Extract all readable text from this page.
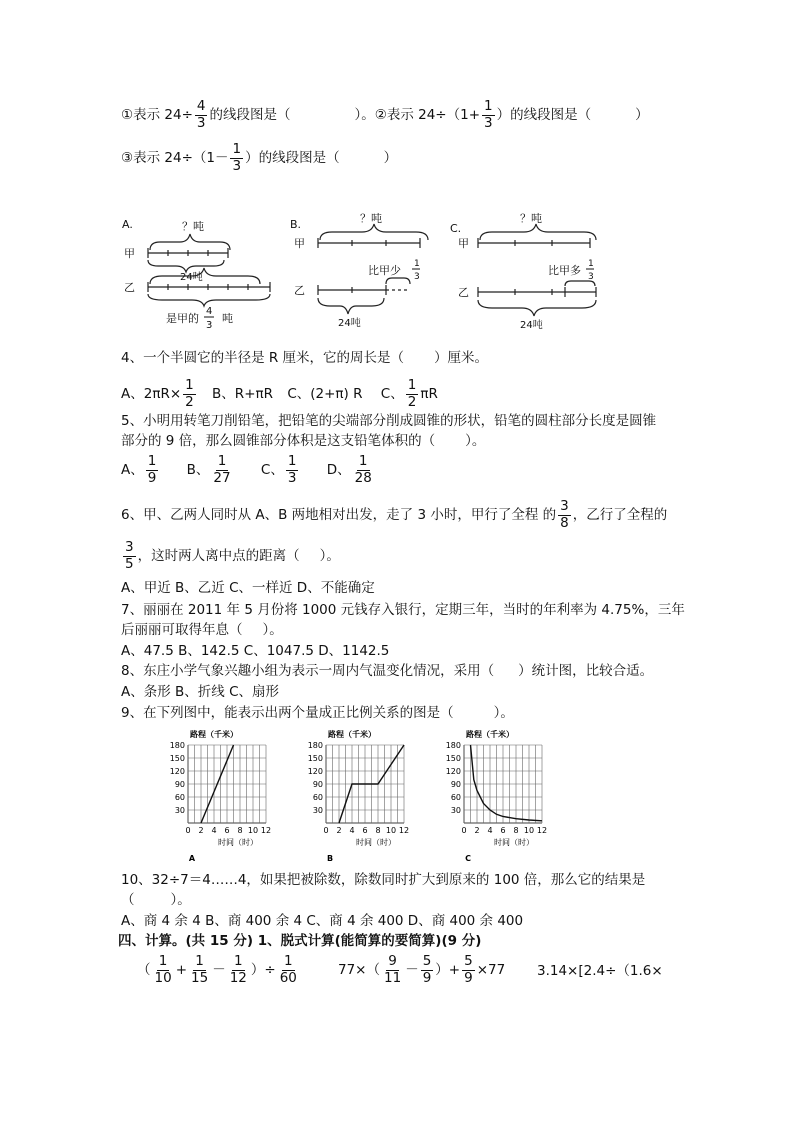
①表示 $24\div \frac{4}{3}$ 的线段图是（	）。②表示 $24\div(1+ \frac{1}{3}$ ）的线段图是（	）
③表示 $24\div(1- \frac{1}{3}$ ）的线段图是（	）
A.	？吨
甲
24吨
乙
是甲的
4
3
吨
B.	？吨
甲
乙
比甲少 1
3
24吨
C.
？吨
甲
乙
比甲多 1
3
24吨
4、一个半圆它的半径是 R 厘米，它的周长是（ ）厘米。
A、$2\pi R\times \frac{1}{2}$ B、R+πR C、(2+π) R C、 $\frac{1}{2}$ πR
5、小明用转笔刀削铅笔，把铅笔的尖端部分削成圆锥的形状，铅笔的圆柱部分长度是圆锥
部分的 9 倍，那么圆锥部分体积是这支铅笔体积的（ ）。
A、 $\frac{1}{9}$ B、 $\frac{1}{27}$ C、 $\frac{1}{3}$ D、 $\frac{1}{28}$
6、甲、乙两人同时从 A、B 两地相对出发，走了 3 小时，甲行了全程 的 $\frac{3}{8}$ ，乙行了全程的
$\frac{3}{5}$ ，这时两人离中点的距离（ ）。
A、甲近 B、乙近 C、一样近 D、不能确定
7、丽丽在 2011 年 5 月份将 1000 元钱存入银行，定期三年，当时的年利率为 4.75%，三年
后丽丽可取得年息（ ）。
A、47.5 B、142.5 C、1047.5 D、1142.5
8、东庄小学气象兴趣小组为表示一周内气温变化情况，采用（ ）统计图，比较合适。
A、条形 B、折线 C、扇形
9、在下列图中，能表示出两个量成正比例关系的图是（	）。
路程（千米）
30
60
90
120
150
180
0 2 4 6 8 10 12
时间（时）
A
路程（千米）
30
60
90
120
150
180
0 2 4 6 8 10 12
时间（时）
B
路程（千米）
30
60
90
120
150
180
0 2 4 6 8 10 12
时间（时）
C
10、32÷7＝4……4，如果把被除数，除数同时扩大到原来的 100 倍，那么它的结果是
（	）。
A、商 4 余 4 B、商 400 余 4 C、商 4 余 400 D、商 400 余 400
四、计算。(共 15 分) 1、脱式计算(能简算的要简算)(9 分)
（ $\frac{1}{10} + \frac{1}{15} - \frac{1}{12}$ ）÷ $\frac{1}{60}$	$77\times( \frac{9}{11} - \frac{5}{9}$ ）+ $\frac{5}{9} \times 77$ 3.14×[2.4÷（1.6×
